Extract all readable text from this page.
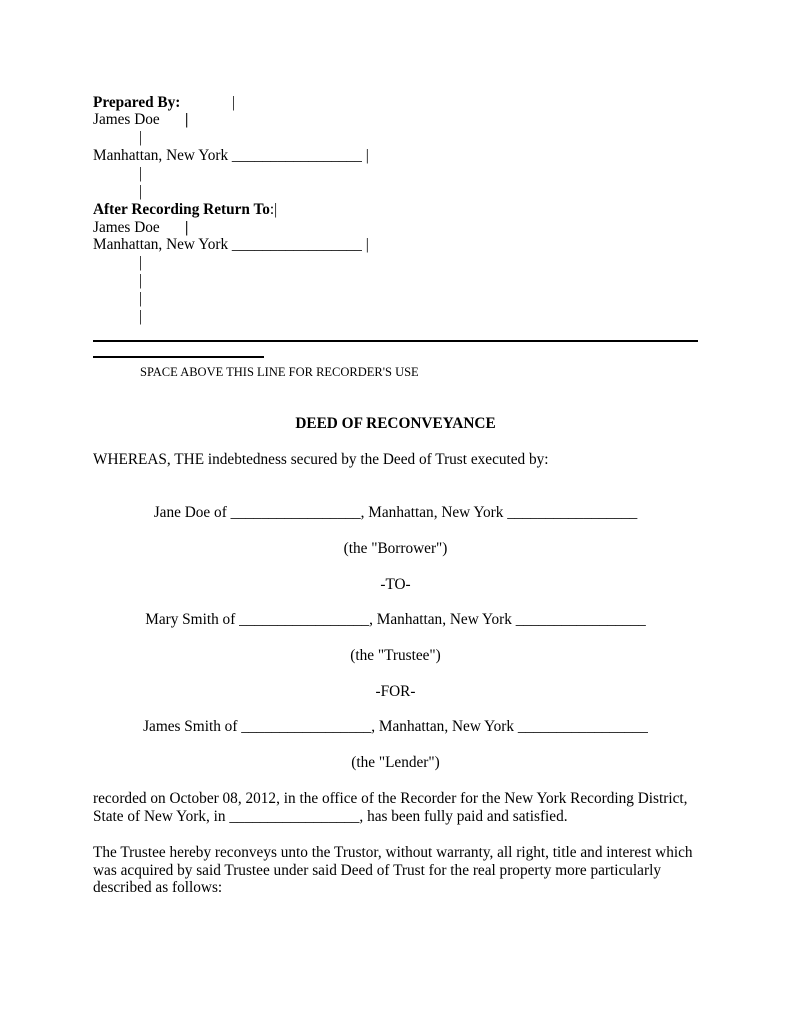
Prepared By:	|
James Doe |
|
Manhattan, New York _________________ |
|
|
After Recording Return To:|
James Doe |
Manhattan, New York _________________ |
|
|
|
|
SPACE ABOVE THIS LINE FOR RECORDER'S USE
DEED OF RECONVEYANCE
WHEREAS, THE indebtedness secured by the Deed of Trust executed by:
Jane Doe of _________________, Manhattan, New York _________________
(the "Borrower")
-TO-
Mary Smith of _________________, Manhattan, New York _________________
(the "Trustee")
-FOR-
James Smith of _________________, Manhattan, New York _________________
(the "Lender")
recorded on October 08, 2012, in the office of the Recorder for the New York Recording District, State of New York, in _________________, has been fully paid and satisfied.
The Trustee hereby reconveys unto the Trustor, without warranty, all right, title and interest which was acquired by said Trustee under said Deed of Trust for the real property more particularly described as follows:
